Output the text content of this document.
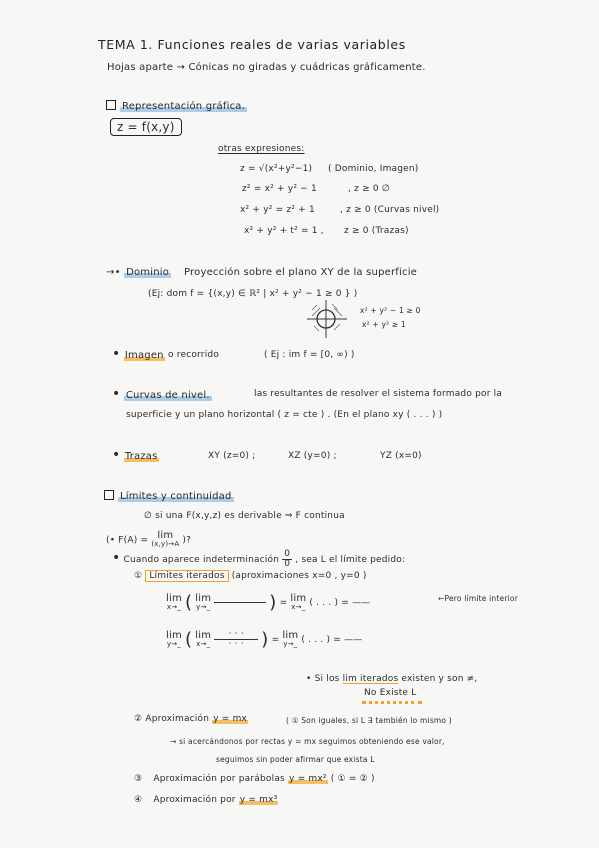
TEMA 1. Funciones reales de varias variables
Hojas aparte → Cónicas no giradas y cuádricas gráficamente.
Representación gráfica.
z = f(x,y)
otras expresiones:
z = √(x²+y²−1) ( Dominio, Imagen)
z² = x² + y² − 1	, z ≥ 0 ∅
x² + y² = z² + 1	, z ≥ 0 (Curvas nivel)
x² + y² + t² = 1 , z ≥ 0 (Trazas)
→• Dominio Proyección sobre el plano XY de la superficie
(Ej: dom f = {(x,y) ∈ ℝ² | x² + y² − 1 ≥ 0 } )
x² + y² − 1 ≥ 0
x² + y² ≥ 1
• Imagen o recorrido	( Ej : im f = [0, ∞) )
• Curvas de nivel.	las resultantes de resolver el sistema formado por la
superficie y un plano horizontal ( z = cte ) . (En el plano xy ( . . . ) )
• Trazas	XY (z=0) ;	XZ (y=0) ;	YZ (x=0)
Límites y continuidad
∅ si una F(x,y,z) es derivable ⇒ F continua
(• F(A) = lim
(x,y)→A )?
• Cuando aparece indeterminación $\frac{0}{0}$ , sea L el límite pedido:
① Límites iterados (aproximaciones x=0 , y=0 )
lim
x→_ ( lim
y→_	) = lim
x→_ ( . . . ) = ——	←Pero límite interior
lim
y→_ ( lim
x→_
$\frac{\cdot \cdot \cdot}{\cdot \cdot \cdot}$ ) = lim
y→_ ( . . . ) = ——
• Si los lim iterados existen y son ≠,
No Existe L
② Aproximación y = mx	( ① Son iguales, si L ∃ también lo mismo )
→ si acercándonos por rectas y = mx seguimos obteniendo ese valor,
seguimos sin poder afirmar que exista L
③ Aproximación por parábolas y = mx² ( ① = ② )
④ Aproximación por y = mx³
